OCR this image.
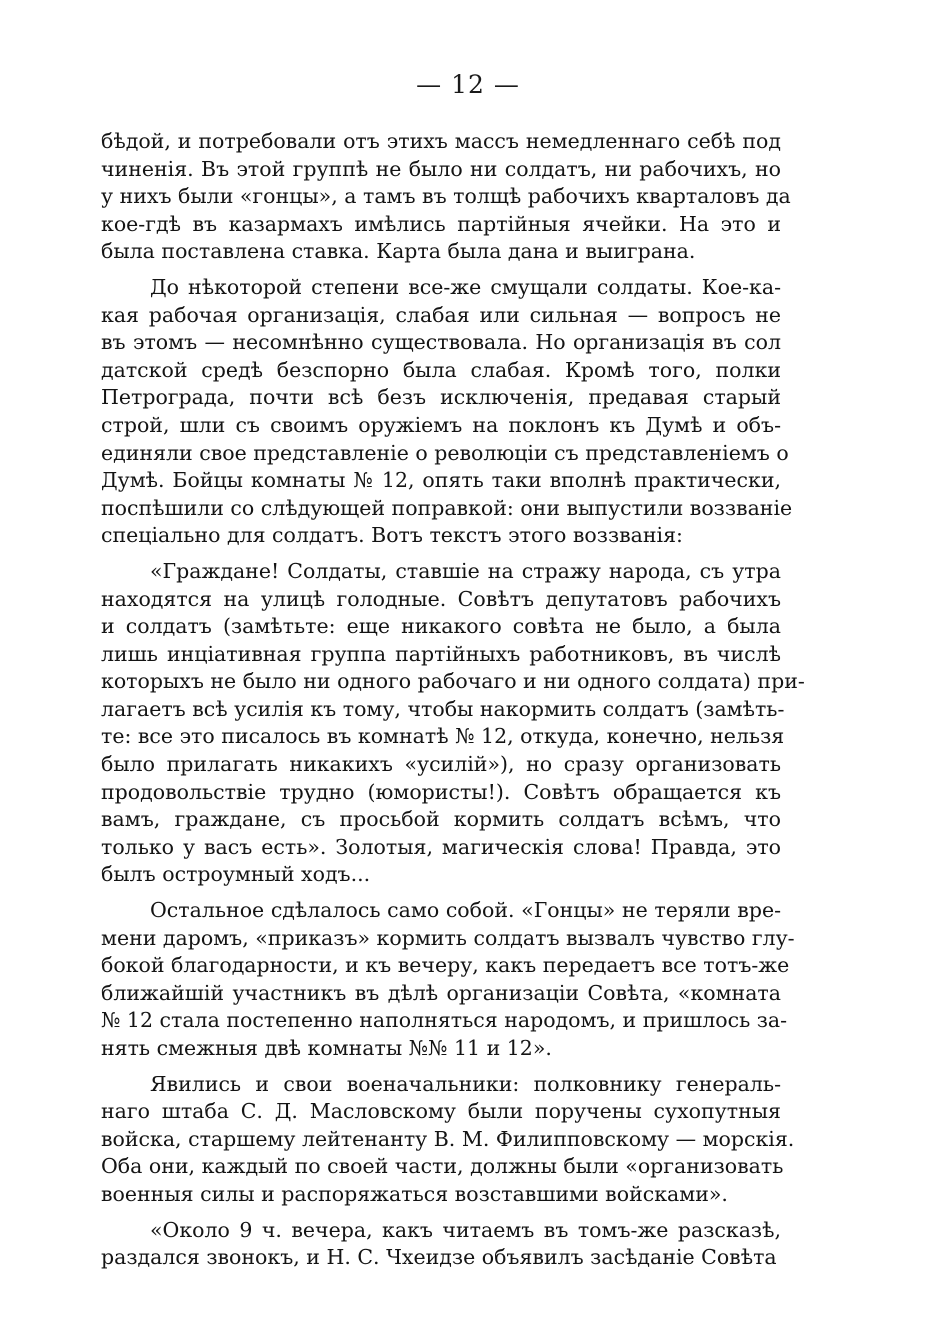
— 12 —
бѣдой, и потребовали отъ этихъ массъ немедленнаго себѣ под
чиненія. Въ этой группѣ не было ни солдатъ, ни рабочихъ, но
у нихъ были «гонцы», а тамъ въ толщѣ рабочихъ кварталовъ да
кое-гдѣ въ казармахъ имѣлись партійныя ячейки. На это и
была поставлена ставка. Карта была дана и выиграна.
До нѣкоторой степени все-же смущали солдаты. Кое-ка-
кая рабочая организація, слабая или сильная — вопросъ не
въ этомъ — несомнѣнно существовала. Но организація въ сол
датской средѣ безспорно была слабая. Кромѣ того, полки
Петрограда, почти всѣ безъ исключенія, предавая старый
строй, шли съ своимъ оружіемъ на поклонъ къ Думѣ и объ-
единяли свое представленіе о революціи съ представленіемъ о
Думѣ. Бойцы комнаты № 12, опять таки вполнѣ практически,
поспѣшили со слѣдующей поправкой: они выпустили воззваніе
спеціально для солдатъ. Вотъ текстъ этого воззванія:
«Граждане! Солдаты, ставшіе на стражу народа, съ утра
находятся на улицѣ голодные. Совѣтъ депутатовъ рабочихъ
и солдатъ (замѣтьте: еще никакого совѣта не было, а была
лишь инціативная группа партійныхъ работниковъ, въ числѣ
которыхъ не было ни одного рабочаго и ни одного солдата) при-
лагаетъ всѣ усилія къ тому, чтобы накормить солдатъ (замѣть-
те: все это писалось въ комнатѣ № 12, откуда, конечно, нельзя
было прилагать никакихъ «усилій»), но сразу организовать
продовольствіе трудно (юмористы!). Совѣтъ обращается къ
вамъ, граждане, съ просьбой кормить солдатъ всѣмъ, что
только у васъ есть». Золотыя, магическія слова! Правда, это
былъ остроумный ходъ...
Остальное сдѣлалось само собой. «Гонцы» не теряли вре-
мени даромъ, «приказъ» кормить солдатъ вызвалъ чувство глу-
бокой благодарности, и къ вечеру, какъ передаетъ все тотъ-же
ближайшій участникъ въ дѣлѣ организаціи Совѣта, «комната
№ 12 стала постепенно наполняться народомъ, и пришлось за-
нять смежныя двѣ комнаты №№ 11 и 12».
Явились и свои военачальники: полковнику генераль-
наго штаба С. Д. Масловскому были поручены сухопутныя
войска, старшему лейтенанту В. М. Филипповскому — морскія.
Оба они, каждый по своей части, должны были «организовать
военныя силы и распоряжаться возставшими войсками».
«Около 9 ч. вечера, какъ читаемъ въ томъ-же разсказѣ,
раздался звонокъ, и Н. С. Чхеидзе объявилъ засѣданіе Совѣта
